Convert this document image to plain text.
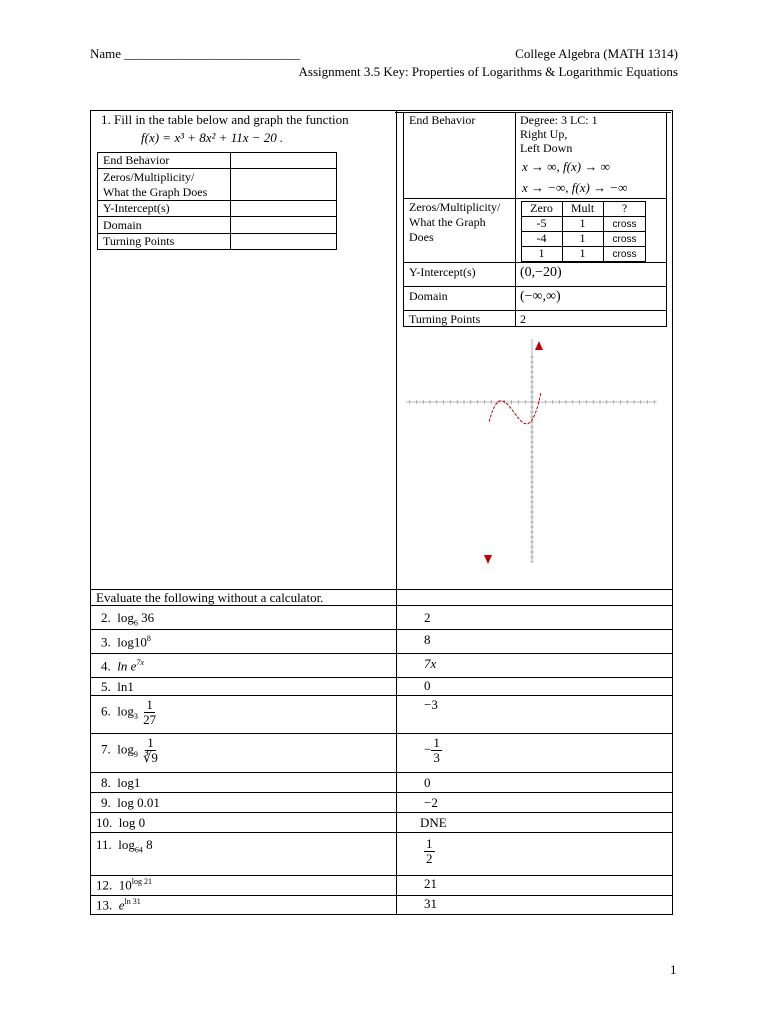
Name ___________________________	College Algebra (MATH 1314)
Assignment 3.5 Key: Properties of Logarithms & Logarithmic Equations
1. Fill in the table below and graph the function
f(x) = x³ + 8x² + 11x − 20 .
End Behavior
Zeros/Multiplicity/
What the Graph Does
Y-Intercept(s)
Domain
Turning Points
End Behavior	Degree: 3 LC: 1
Right Up,
Left Down
x → ∞, f(x) → ∞
x → −∞, f(x) → −∞
Zeros/Multiplicity/
What the Graph
Does
Zero	Mult	?
-5	1	cross
-4	1	cross
1	1	cross
Y-Intercept(s)	(0,−20)
Domain	(−∞,∞)
Turning Points	2
Evaluate the following without a calculator.
2. $\log_6 36$	2
3. $\log 10^8$	8
4. $\ln e^{7x}$	7x
5. ln1	0
6. $\log_3 \frac{1}{27}$	−3
7. $\log_9 \frac{1}{∛9}$	− $\frac{1}{3}$
8. log1	0
9. log 0.01	−2
10. log 0	DNE
11. $\log_{64} 8$	$\frac{1}{2}$
12. $10^{log 21}$	21
13. $e^{ln 31}$	31
1
